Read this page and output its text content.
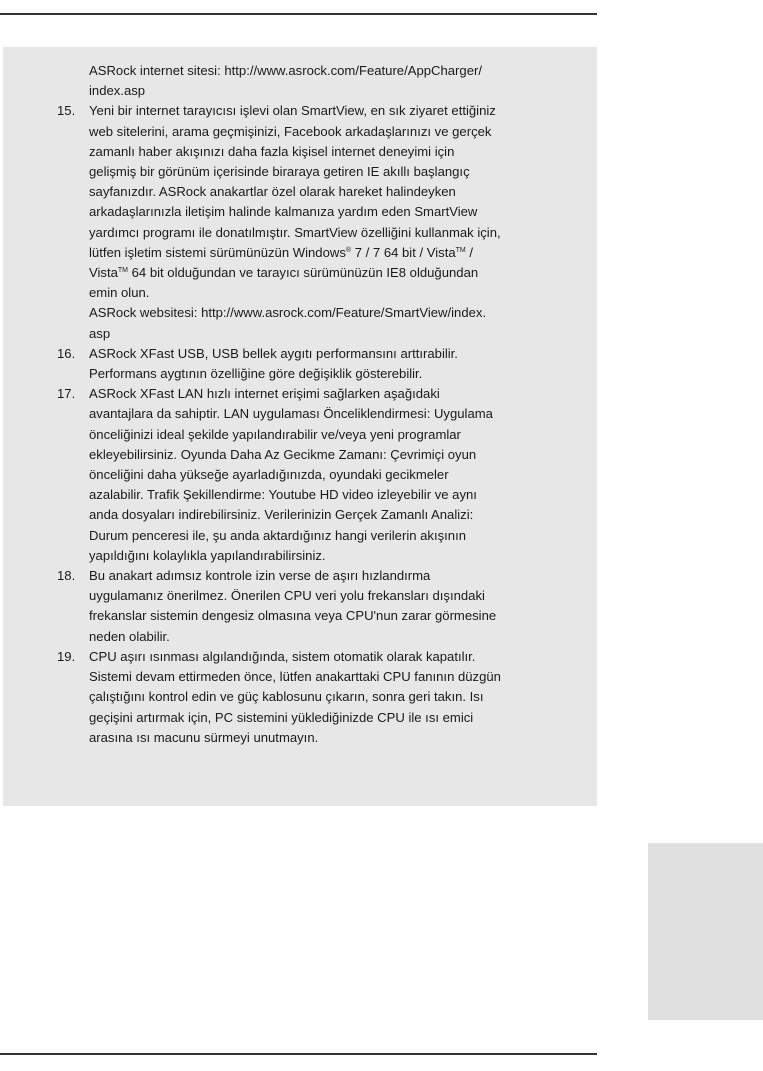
ASRock internet sitesi: http://www.asrock.com/Feature/AppCharger/
index.asp
15. Yeni bir internet tarayıcısı işlevi olan SmartView, en sık ziyaret ettiğiniz
web sitelerini, arama geçmişinizi, Facebook arkadaşlarınızı ve gerçek
zamanlı haber akışınızı daha fazla kişisel internet deneyimi için
gelişmiş bir görünüm içerisinde biraraya getiren IE akıllı başlangıç
sayfanızdır. ASRock anakartlar özel olarak hareket halindeyken
arkadaşlarınızla iletişim halinde kalmanıza yardım eden SmartView
yardımcı programı ile donatılmıştır. SmartView özelliğini kullanmak için,
lütfen işletim sistemi sürümünüzün Windows® 7 / 7 64 bit / Vista™ /
Vista™ 64 bit olduğundan ve tarayıcı sürümünüzün IE8 olduğundan
emin olun.
ASRock websitesi: http://www.asrock.com/Feature/SmartView/index.
asp
16. ASRock XFast USB, USB bellek aygıtı performansını arttırabilir.
Performans aygtının özelliğine göre değişiklik gösterebilir.
17. ASRock XFast LAN hızlı internet erişimi sağlarken aşağıdaki
avantajlara da sahiptir. LAN uygulaması Önceliklendirmesi: Uygulama
önceliğinizi ideal şekilde yapılandırabilir ve/veya yeni programlar
ekleyebilirsiniz. Oyunda Daha Az Gecikme Zamanı: Çevrimiçi oyun
önceliğini daha yükseğe ayarladığınızda, oyundaki gecikmeler
azalabilir. Trafik Şekillendirme: Youtube HD video izleyebilir ve aynı
anda dosyaları indirebilirsiniz. Verilerinizin Gerçek Zamanlı Analizi:
Durum penceresi ile, şu anda aktardığınız hangi verilerin akışının
yapıldığını kolaylıkla yapılandırabilirsiniz.
18. Bu anakart adımsız kontrole izin verse de aşırı hızlandırma
uygulamanız önerilmez. Önerilen CPU veri yolu frekansları dışındaki
frekanslar sistemin dengesiz olmasına veya CPU'nun zarar görmesine
neden olabilir.
19. CPU aşırı ısınması algılandığında, sistem otomatik olarak kapatılır.
Sistemi devam ettirmeden önce, lütfen anakarttaki CPU fanının düzgün
çalıştığını kontrol edin ve güç kablosunu çıkarın, sonra geri takın. Isı
geçişini artırmak için, PC sistemini yüklediğinizde CPU ile ısı emici
arasına ısı macunu sürmeyi unutmayın.
